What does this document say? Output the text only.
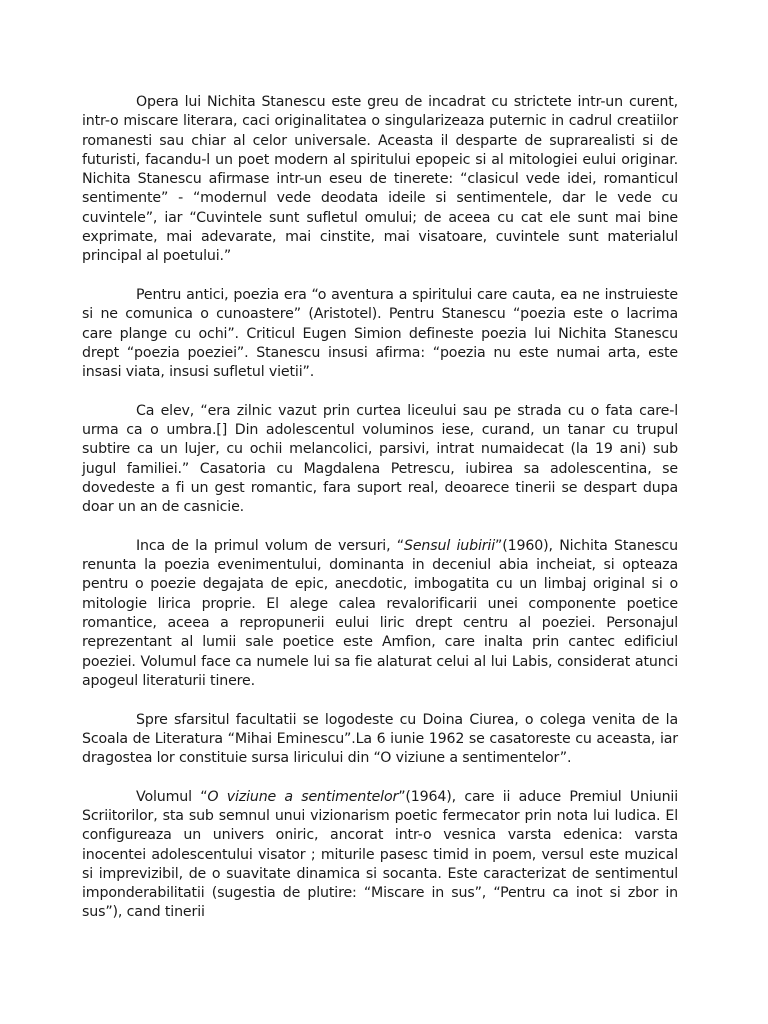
Opera lui Nichita Stanescu este greu de incadrat cu strictete intr-un curent, intr-o miscare literara, caci originalitatea o singularizeaza puternic in cadrul creatiilor romanesti sau chiar al celor universale. Aceasta il desparte de suprarealisti si de futuristi, facandu-l un poet modern al spiritului epopeic si al mitologiei eului originar. Nichita Stanescu afirmase intr-un eseu de tinerete: “clasicul vede idei, romanticul sentimente” - “modernul vede deodata ideile si sentimentele, dar le vede cu cuvintele”, iar “Cuvintele sunt sufletul omului; de aceea cu cat ele sunt mai bine exprimate, mai adevarate, mai cinstite, mai visatoare, cuvintele sunt materialul principal al poetului.”

Pentru antici, poezia era “o aventura a spiritului care cauta, ea ne instruieste si ne comunica o cunoastere” (Aristotel). Pentru Stanescu “poezia este o lacrima care plange cu ochi”. Criticul Eugen Simion defineste poezia lui Nichita Stanescu drept “poezia poeziei”. Stanescu insusi afirma: “poezia nu este numai arta, este insasi viata, insusi sufletul vietii”.

Ca elev, “era zilnic vazut prin curtea liceului sau pe strada cu o fata care-l urma ca o umbra.[] Din adolescentul voluminos iese, curand, un tanar cu trupul subtire ca un lujer, cu ochii melancolici, parsivi, intrat numaidecat (la 19 ani) sub jugul familiei.” Casatoria cu Magdalena Petrescu, iubirea sa adolescentina, se dovedeste a fi un gest romantic, fara suport real, deoarece tinerii se despart dupa doar un an de casnicie.

Inca de la primul volum de versuri, “Sensul iubirii”(1960), Nichita Stanescu renunta la poezia evenimentului, dominanta in deceniul abia incheiat, si opteaza pentru o poezie degajata de epic, anecdotic, imbogatita cu un limbaj original si o mitologie lirica proprie. El alege calea revalorificarii unei componente poetice romantice, aceea a repropunerii eului liric drept centru al poeziei. Personajul reprezentant al lumii sale poetice este Amfion, care inalta prin cantec edificiul poeziei. Volumul face ca numele lui sa fie alaturat celui al lui Labis, considerat atunci apogeul literaturii tinere.

Spre sfarsitul facultatii se logodeste cu Doina Ciurea, o colega venita de la Scoala de Literatura “Mihai Eminescu”.La 6 iunie 1962 se casatoreste cu aceasta, iar dragostea lor constituie sursa liricului din “O viziune a sentimentelor”.

Volumul “O viziune a sentimentelor”(1964), care ii aduce Premiul Uniunii Scriitorilor, sta sub semnul unui vizionarism poetic fermecator prin nota lui ludica. El configureaza un univers oniric, ancorat intr-o vesnica varsta edenica: varsta inocentei adolescentului visator ; miturile pasesc timid in poem, versul este muzical si imprevizibil, de o suavitate dinamica si socanta. Este caracterizat de sentimentul imponderabilitatii (sugestia de plutire: “Miscare in sus”, “Pentru ca inot si zbor in sus”), cand tinerii
